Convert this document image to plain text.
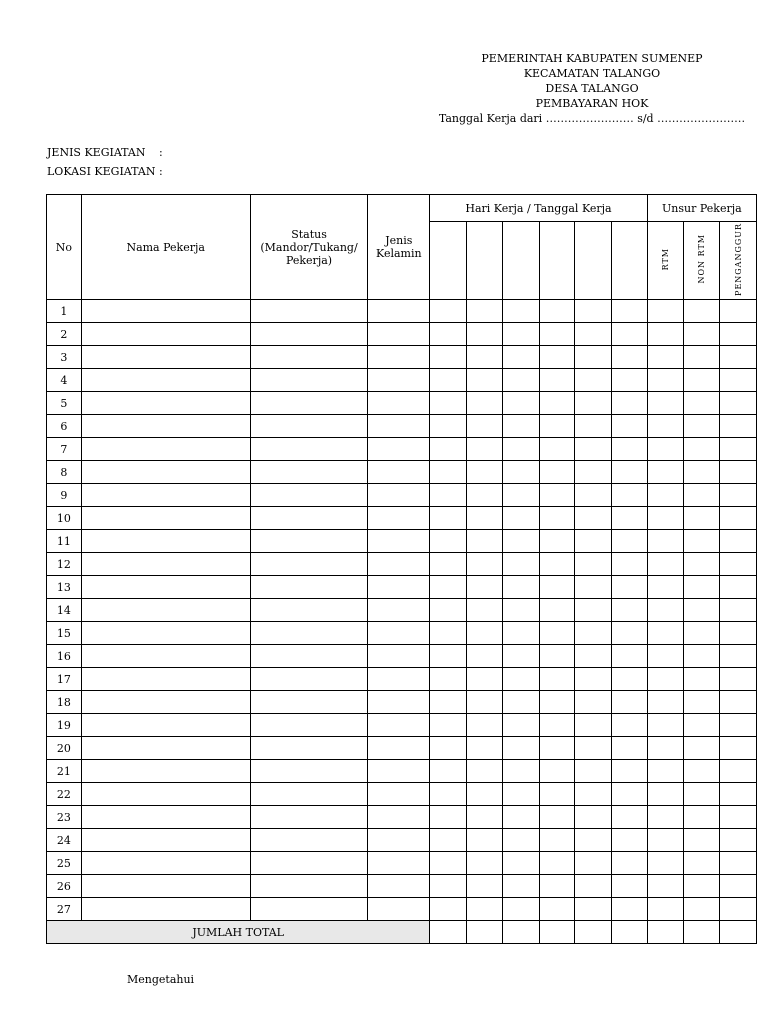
PEMERINTAH KABUPATEN SUMENEP
KECAMATAN TALANGO
DESA TALANGO
PEMBAYARAN HOK
Tanggal Kerja dari …………………… s/d ……………………
JENIS KEGIATAN :
LOKASI KEGIATAN :
No	Nama Pekerja	Status (Mandor/Tukang/ Pekerja)	Jenis Kelamin	Hari Kerja / Tanggal Kerja						Unsur Pekerja		
										RTM	NON RTM	PENGANGGUR
1												
2												
3												
4												
5												
6												
7												
8												
9												
10												
11												
12												
13												
14												
15												
16												
17												
18												
19												
20												
21												
22												
23												
24												
25												
26												
27												
JUMLAH TOTAL												
Mengetahui
